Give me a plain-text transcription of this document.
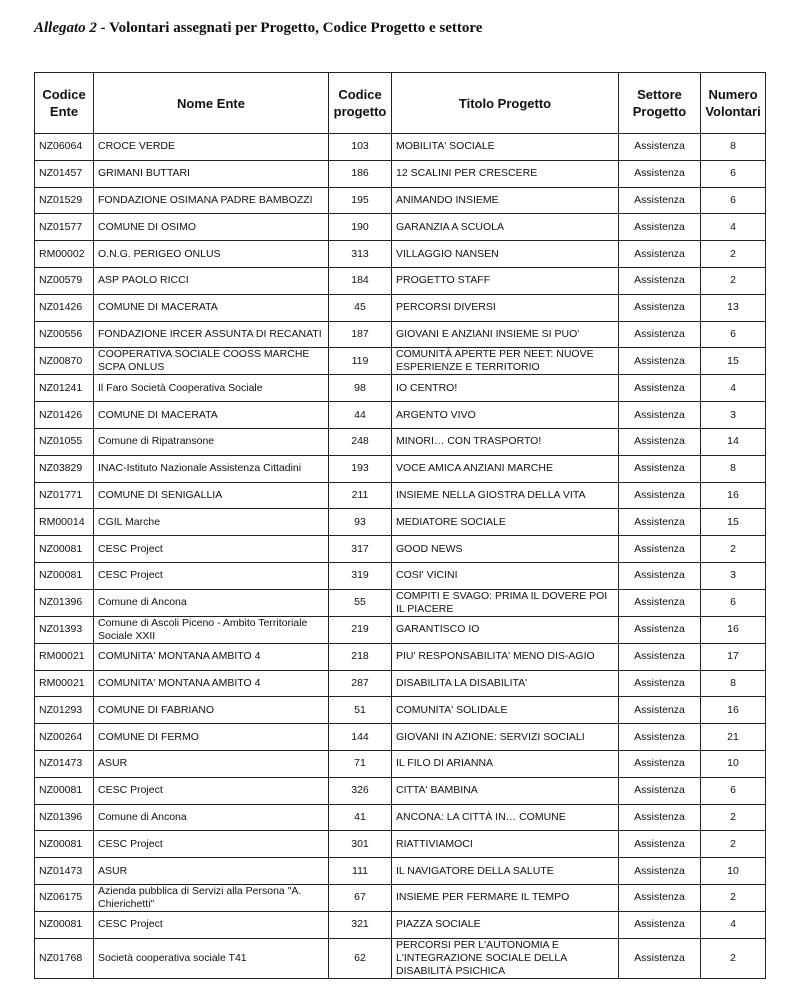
Allegato 2 - Volontari assegnati per Progetto, Codice Progetto e settore
Codice Ente	Nome Ente	Codice progetto	Titolo Progetto	Settore Progetto	Numero Volontari
NZ06064	CROCE VERDE	103	MOBILITA' SOCIALE	Assistenza	8
NZ01457	GRIMANI BUTTARI	186	12 SCALINI PER CRESCERE	Assistenza	6
NZ01529	FONDAZIONE OSIMANA PADRE BAMBOZZI	195	ANIMANDO INSIEME	Assistenza	6
NZ01577	COMUNE DI OSIMO	190	GARANZIA A SCUOLA	Assistenza	4
RM00002	O.N.G. PERIGEO ONLUS	313	VILLAGGIO NANSEN	Assistenza	2
NZ00579	ASP PAOLO RICCI	184	PROGETTO STAFF	Assistenza	2
NZ01426	COMUNE DI MACERATA	45	PERCORSI DIVERSI	Assistenza	13
NZ00556	FONDAZIONE IRCER ASSUNTA DI RECANATI	187	GIOVANI E ANZIANI INSIEME SI PUO'	Assistenza	6
NZ00870	COOPERATIVA SOCIALE COOSS MARCHE SCPA ONLUS	119	COMUNITÀ APERTE PER NEET: NUOVE ESPERIENZE E TERRITORIO	Assistenza	15
NZ01241	Il Faro Società Cooperativa Sociale	98	IO CENTRO!	Assistenza	4
NZ01426	COMUNE DI MACERATA	44	ARGENTO VIVO	Assistenza	3
NZ01055	Comune di Ripatransone	248	MINORI… CON TRASPORTO!	Assistenza	14
NZ03829	INAC-Istituto Nazionale Assistenza Cittadini	193	VOCE AMICA ANZIANI MARCHE	Assistenza	8
NZ01771	COMUNE DI SENIGALLIA	211	INSIEME NELLA GIOSTRA DELLA VITA	Assistenza	16
RM00014	CGIL Marche	93	MEDIATORE SOCIALE	Assistenza	15
NZ00081	CESC Project	317	GOOD NEWS	Assistenza	2
NZ00081	CESC Project	319	COSI' VICINI	Assistenza	3
NZ01396	Comune di Ancona	55	COMPITI E SVAGO: PRIMA IL DOVERE POI IL PIACERE	Assistenza	6
NZ01393	Comune di Ascoli Piceno - Ambito Territoriale Sociale XXII	219	GARANTISCO IO	Assistenza	16
RM00021	COMUNITA' MONTANA AMBITO 4	218	PIU' RESPONSABILITA' MENO DIS-AGIO	Assistenza	17
RM00021	COMUNITA' MONTANA AMBITO 4	287	DISABILITA LA DISABILITA'	Assistenza	8
NZ01293	COMUNE DI FABRIANO	51	COMUNITA' SOLIDALE	Assistenza	16
NZ00264	COMUNE DI FERMO	144	GIOVANI IN AZIONE: SERVIZI SOCIALI	Assistenza	21
NZ01473	ASUR	71	IL FILO DI ARIANNA	Assistenza	10
NZ00081	CESC Project	326	CITTA' BAMBINA	Assistenza	6
NZ01396	Comune di Ancona	41	ANCONA: LA CITTÀ IN… COMUNE	Assistenza	2
NZ00081	CESC Project	301	RIATTIVIAMOCI	Assistenza	2
NZ01473	ASUR	111	IL NAVIGATORE DELLA SALUTE	Assistenza	10
NZ06175	Azienda pubblica di Servizi alla Persona "A. Chierichetti"	67	INSIEME PER FERMARE IL TEMPO	Assistenza	2
NZ00081	CESC Project	321	PIAZZA SOCIALE	Assistenza	4
NZ01768	Società cooperativa sociale T41	62	PERCORSI PER L'AUTONOMIA E L'INTEGRAZIONE SOCIALE DELLA DISABILITÀ PSICHICA	Assistenza	2
